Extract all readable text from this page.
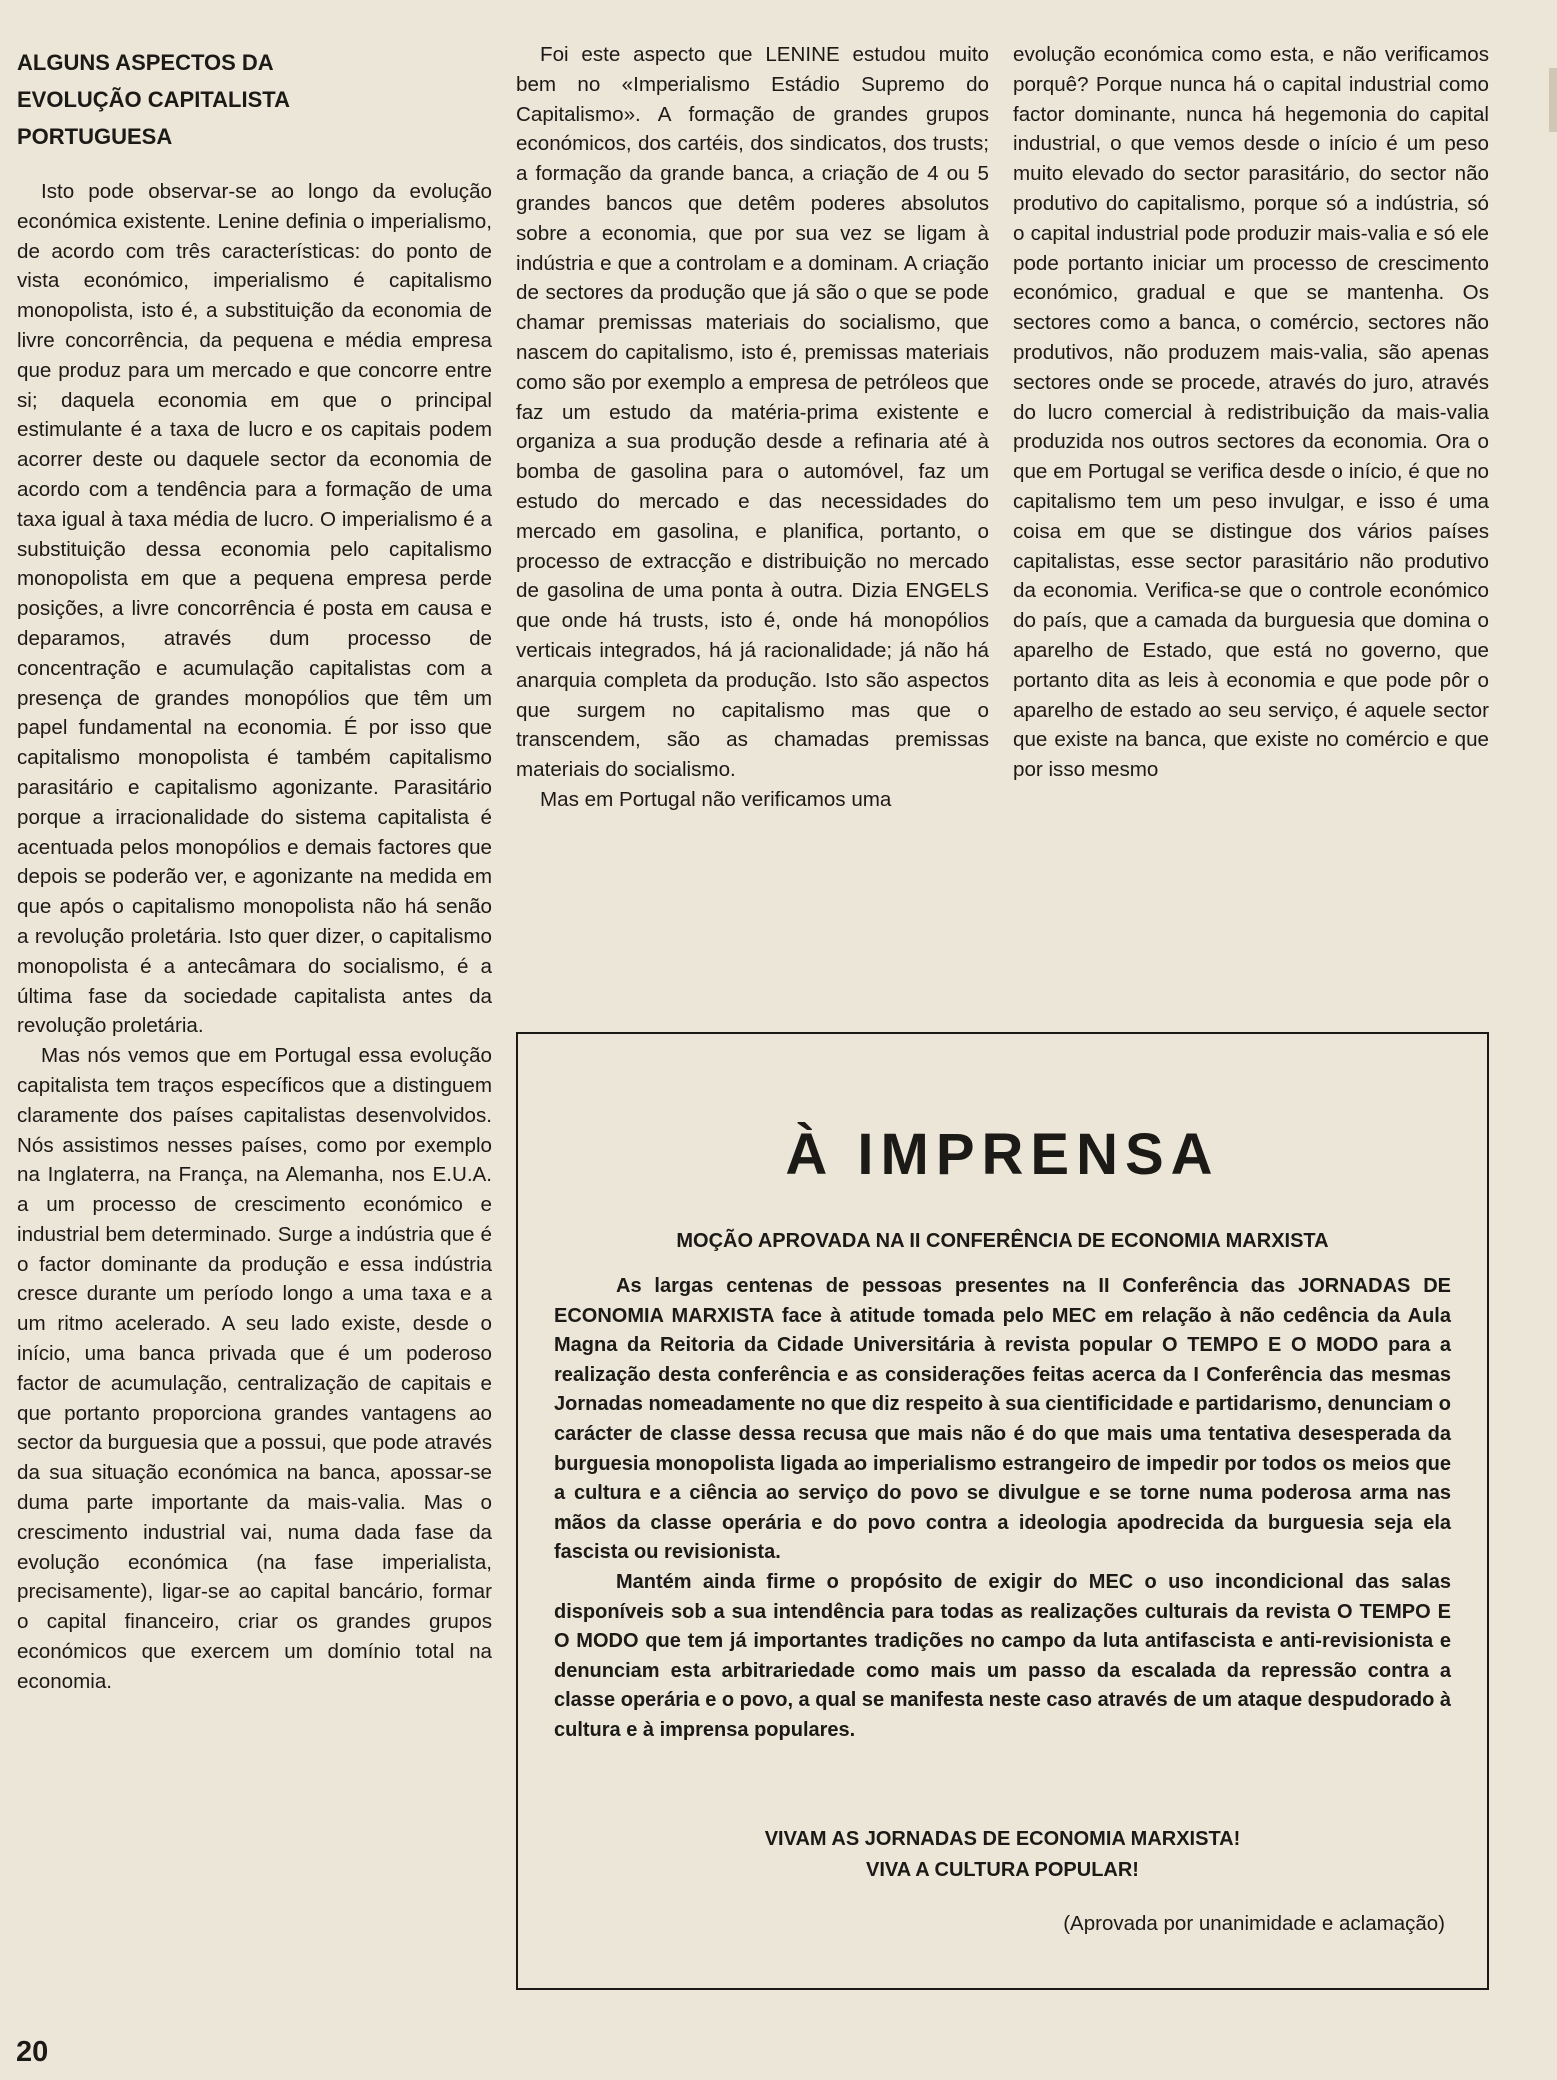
ALGUNS ASPECTOS DA EVOLUÇÃO CAPITALISTA PORTUGUESA

Isto pode observar-se ao longo da evolução económica existente. Lenine definia o imperialismo, de acordo com três características: do ponto de vista económico, imperialismo é capitalismo monopolista, isto é, a substituição da economia de livre concorrência, da pequena e média empresa que produz para um mercado e que concorre entre si; daquela economia em que o principal estimulante é a taxa de lucro e os capitais podem acorrer deste ou daquele sector da economia de acordo com a tendência para a formação de uma taxa igual à taxa média de lucro. O imperialismo é a substituição dessa economia pelo capitalismo monopolista em que a pequena empresa perde posições, a livre concorrência é posta em causa e deparamos, através dum processo de concentração e acumulação capitalistas com a presença de grandes monopólios que têm um papel fundamental na economia. É por isso que capitalismo monopolista é também capitalismo parasitário e capitalismo agonizante. Parasitário porque a irracionalidade do sistema capitalista é acentuada pelos monopólios e demais factores que depois se poderão ver, e agonizante na medida em que após o capitalismo monopolista não há senão a revolução proletária. Isto quer dizer, o capitalismo monopolista é a antecâmara do socialismo, é a última fase da sociedade capitalista antes da revolução proletária.

Mas nós vemos que em Portugal essa evolução capitalista tem traços específicos que a distinguem claramente dos países capitalistas desenvolvidos. Nós assistimos nesses países, como por exemplo na Inglaterra, na França, na Alemanha, nos E.U.A. a um processo de crescimento económico e industrial bem determinado. Surge a indústria que é o factor dominante da produção e essa indústria cresce durante um período longo a uma taxa e a um ritmo acelerado. A seu lado existe, desde o início, uma banca privada que é um poderoso factor de acumulação, centralização de capitais e que portanto proporciona grandes vantagens ao sector da burguesia que a possui, que pode através da sua situação económica na banca, apossar-se duma parte importante da mais-valia. Mas o crescimento industrial vai, numa dada fase da evolução económica (na fase imperialista, precisamente), ligar-se ao capital bancário, formar o capital financeiro, criar os grandes grupos económicos que exercem um domínio total na economia.

Foi este aspecto que LENINE estudou muito bem no «Imperialismo Estádio Supremo do Capitalismo». A formação de grandes grupos económicos, dos cartéis, dos sindicatos, dos trusts; a formação da grande banca, a criação de 4 ou 5 grandes bancos que detêm poderes absolutos sobre a economia, que por sua vez se ligam à indústria e que a controlam e a dominam. A criação de sectores da produção que já são o que se pode chamar premissas materiais do socialismo, que nascem do capitalismo, isto é, premissas materiais como são por exemplo a empresa de petróleos que faz um estudo da matéria-prima existente e organiza a sua produção desde a refinaria até à bomba de gasolina para o automóvel, faz um estudo do mercado e das necessidades do mercado em gasolina, e planifica, portanto, o processo de extracção e distribuição no mercado de gasolina de uma ponta à outra. Dizia ENGELS que onde há trusts, isto é, onde há monopólios verticais integrados, há já racionalidade; já não há anarquia completa da produção. Isto são aspectos que surgem no capitalismo mas que o transcendem, são as chamadas premissas materiais do socialismo.

Mas em Portugal não verificamos uma

evolução económica como esta, e não verificamos porquê? Porque nunca há o capital industrial como factor dominante, nunca há hegemonia do capital industrial, o que vemos desde o início é um peso muito elevado do sector parasitário, do sector não produtivo do capitalismo, porque só a indústria, só o capital industrial pode produzir mais-valia e só ele pode portanto iniciar um processo de crescimento económico, gradual e que se mantenha. Os sectores como a banca, o comércio, sectores não produtivos, não produzem mais-valia, são apenas sectores onde se procede, através do juro, através do lucro comercial à redistribuição da mais-valia produzida nos outros sectores da economia. Ora o que em Portugal se verifica desde o início, é que no capitalismo tem um peso invulgar, e isso é uma coisa em que se distingue dos vários países capitalistas, esse sector parasitário não produtivo da economia. Verifica-se que o controle económico do país, que a camada da burguesia que domina o aparelho de Estado, que está no governo, que portanto dita as leis à economia e que pode pôr o aparelho de estado ao seu serviço, é aquele sector que existe na banca, que existe no comércio e que por isso mesmo

À IMPRENSA
MOÇÃO APROVADA NA II CONFERÊNCIA DE ECONOMIA MARXISTA

As largas centenas de pessoas presentes na II Conferência das JORNADAS DE ECONOMIA MARXISTA face à atitude tomada pelo MEC em relação à não cedência da Aula Magna da Reitoria da Cidade Universitária à revista popular O TEMPO E O MODO para a realização desta conferência e as considerações feitas acerca da I Conferência das mesmas Jornadas nomeadamente no que diz respeito à sua cientificidade e partidarismo, denunciam o carácter de classe dessa recusa que mais não é do que mais uma tentativa desesperada da burguesia monopolista ligada ao imperialismo estrangeiro de impedir por todos os meios que a cultura e a ciência ao serviço do povo se divulgue e se torne numa poderosa arma nas mãos da classe operária e do povo contra a ideologia apodrecida da burguesia seja ela fascista ou revisionista.

Mantém ainda firme o propósito de exigir do MEC o uso incondicional das salas disponíveis sob a sua intendência para todas as realizações culturais da revista O TEMPO E O MODO que tem já importantes tradições no campo da luta antifascista e anti-revisionista e denunciam esta arbitrariedade como mais um passo da escalada da repressão contra a classe operária e o povo, a qual se manifesta neste caso através de um ataque despudorado à cultura e à imprensa populares.

VIVAM AS JORNADAS DE ECONOMIA MARXISTA!
VIVA A CULTURA POPULAR!
(Aprovada por unanimidade e aclamação)
20
